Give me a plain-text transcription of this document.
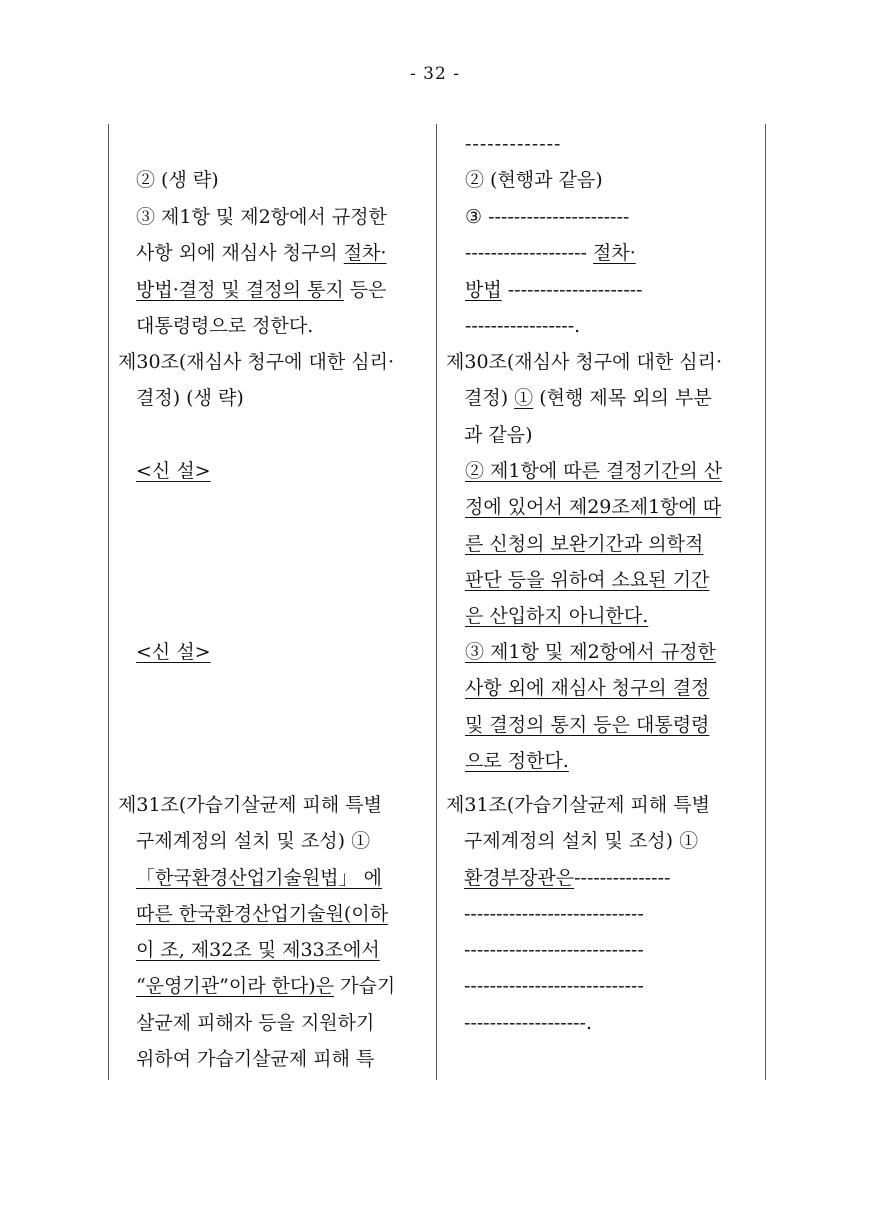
- 32 -
② (생 략)
③ 제1항 및 제2항에서 규정한
사항 외에 재심사 청구의 절차·
방법·결정 및 결정의 통지 등은
대통령령으로 정한다.
제30조(재심사 청구에 대한 심리·
결정) (생 략)
<신 설>
<신 설>
제31조(가습기살균제 피해 특별
구제계정의 설치 및 조성) ①
「한국환경산업기술원법」 에
따른 한국환경산업기술원(이하
이 조, 제32조 및 제33조에서
“운영기관”이라 한다)은 가습기
살균제 피해자 등을 지원하기
위하여 가습기살균제 피해 특
-------------
② (현행과 같음)
③ ----------------------
------------------- 절차·
방법 ---------------------
-----------------.
제30조(재심사 청구에 대한 심리·
결정) ① (현행 제목 외의 부분
과 같음)
② 제1항에 따른 결정기간의 산
정에 있어서 제29조제1항에 따
른 신청의 보완기간과 의학적
판단 등을 위하여 소요된 기간
은 산입하지 아니한다.
③ 제1항 및 제2항에서 규정한
사항 외에 재심사 청구의 결정
및 결정의 통지 등은 대통령령
으로 정한다.
제31조(가습기살균제 피해 특별
구제계정의 설치 및 조성) ①
환경부장관은---------------
----------------------------
----------------------------
----------------------------
-------------------.
